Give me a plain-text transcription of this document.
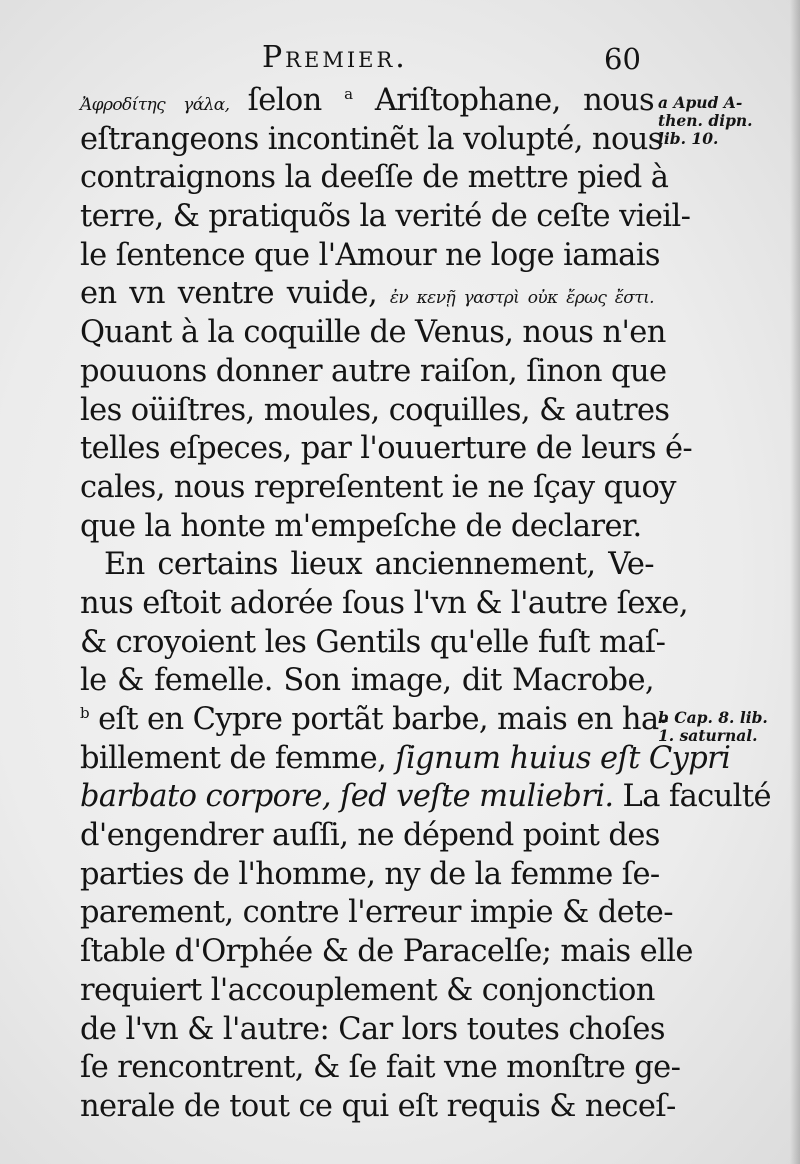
Premier.	60
Ἀφροδίτης γάλα, ſelon $^a$ Ariſtophane, nous
eſtrangeons incontinẽt la volupté, nous
contraignons la deeſſe de mettre pied à
terre, & pratiquõs la verité de ceſte vieil-
le ſentence que l'Amour ne loge iamais
en vn ventre vuide, ἐν κενῇ γαστρὶ οὐκ ἔρως ἔστι.
Quant à la coquille de Venus, nous n'en
pouuons donner autre raiſon, ſinon que
les oüiſtres, moules, coquilles, & autres
telles eſpeces, par l'ouuerture de leurs é-
cales, nous repreſentent ie ne ſçay quoy
que la honte m'empeſche de declarer.
En certains lieux anciennement, Ve-
nus eſtoit adorée ſous l'vn & l'autre ſexe,
& croyoient les Gentils qu'elle fuſt maſ-
le & femelle. Son image, dit Macrobe,
$^b$ eſt en Cypre portãt barbe, mais en ha-
billement de femme, ſignum huius eſt Cypri
barbato corpore, ſed veſte muliebri. La faculté
d'engendrer auſſi, ne dépend point des
parties de l'homme, ny de la femme ſe-
parement, contre l'erreur impie & dete-
ſtable d'Orphée & de Paracelſe; mais elle
requiert l'accouplement & conjonction
de l'vn & l'autre: Car lors toutes choſes
ſe rencontrent, & ſe fait vne monſtre ge-
nerale de tout ce qui eſt requis & neceſ-
a Apud A-
then. dipn.
lib. 10.
b Cap. 8. lib.
1. saturnal.
